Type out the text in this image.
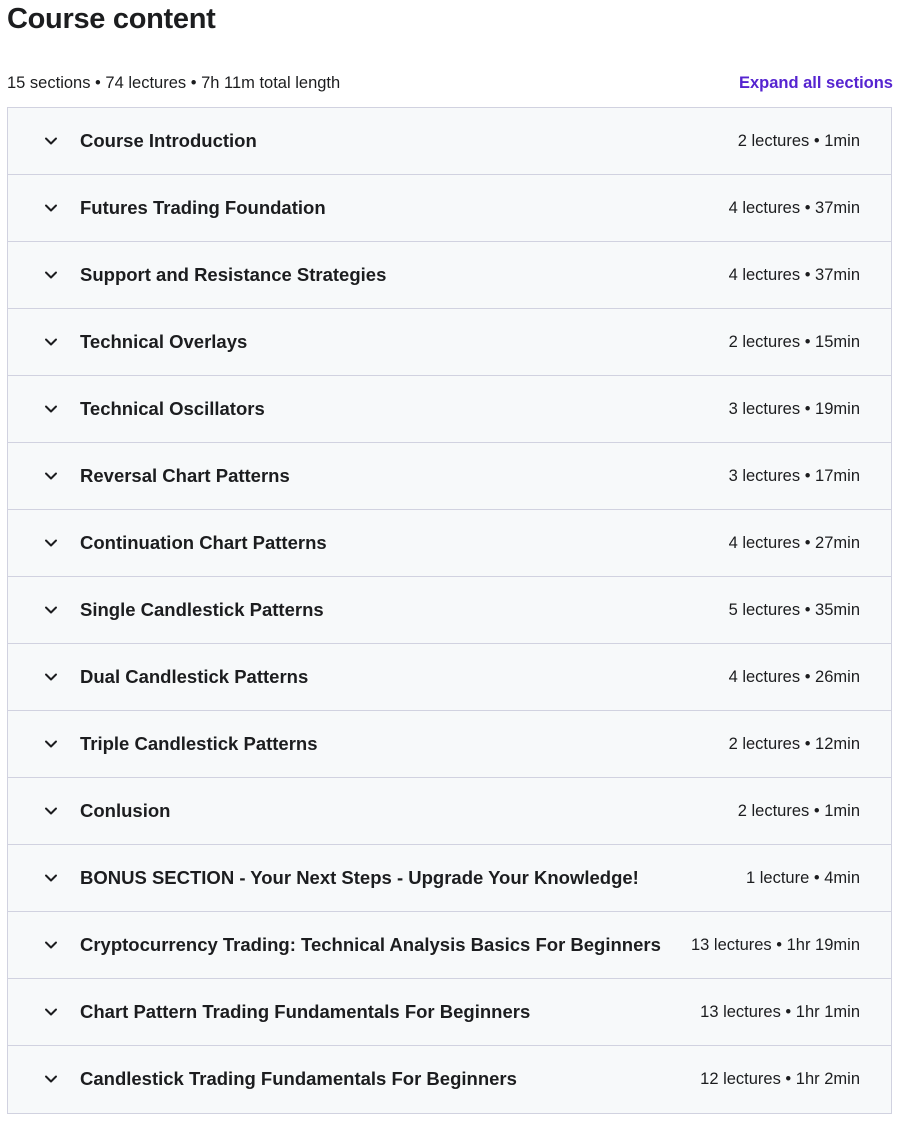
Course content
15 sections • 74 lectures • 7h 11m total length	Expand all sections
Course Introduction	2 lectures • 1min
Futures Trading Foundation	4 lectures • 37min
Support and Resistance Strategies	4 lectures • 37min
Technical Overlays	2 lectures • 15min
Technical Oscillators	3 lectures • 19min
Reversal Chart Patterns	3 lectures • 17min
Continuation Chart Patterns	4 lectures • 27min
Single Candlestick Patterns	5 lectures • 35min
Dual Candlestick Patterns	4 lectures • 26min
Triple Candlestick Patterns	2 lectures • 12min
Conlusion	2 lectures • 1min
BONUS SECTION - Your Next Steps - Upgrade Your Knowledge!	1 lecture • 4min
Cryptocurrency Trading: Technical Analysis Basics For Beginners	13 lectures • 1hr 19min
Chart Pattern Trading Fundamentals For Beginners	13 lectures • 1hr 1min
Candlestick Trading Fundamentals For Beginners	12 lectures • 1hr 2min
